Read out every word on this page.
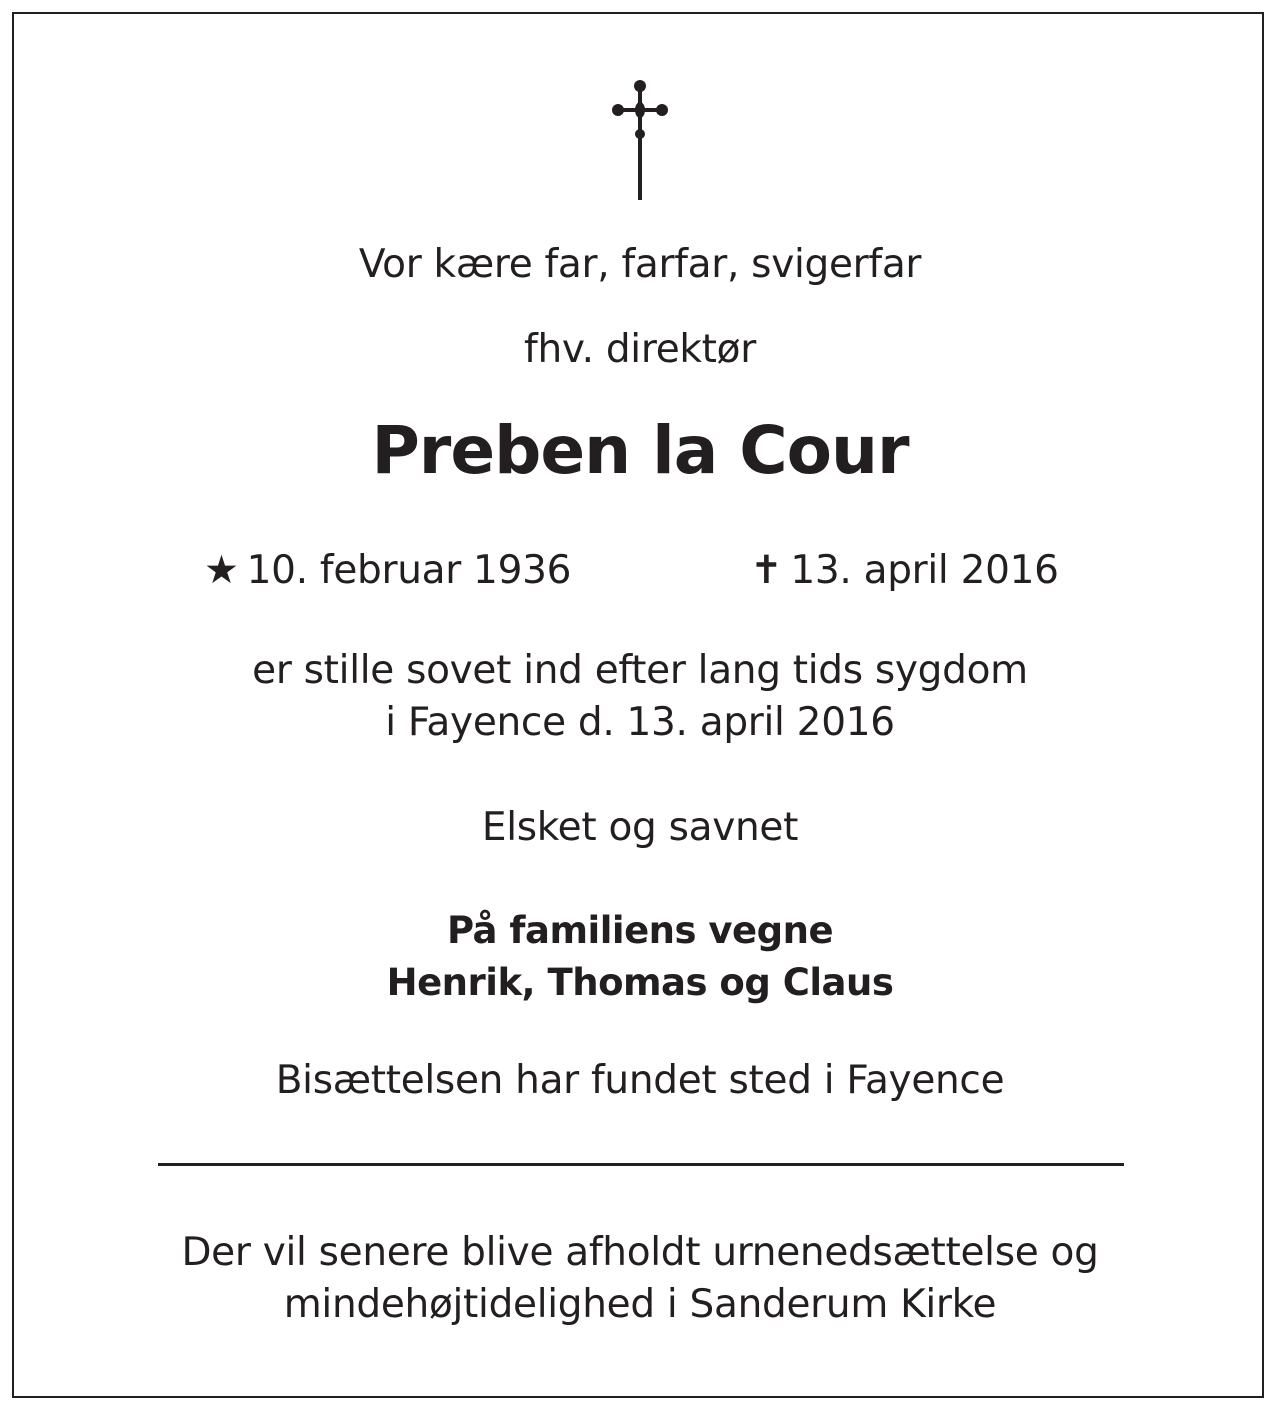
Vor kære far, farfar, svigerfar
fhv. direktør
Preben la Cour
★ 10. februar 1936	✝ 13. april 2016
er stille sovet ind efter lang tids sygdom
i Fayence d. 13. april 2016
Elsket og savnet
På familiens vegne
Henrik, Thomas og Claus
Bisættelsen har fundet sted i Fayence
Der vil senere blive afholdt urnenedsættelse og
mindehøjtidelighed i Sanderum Kirke
